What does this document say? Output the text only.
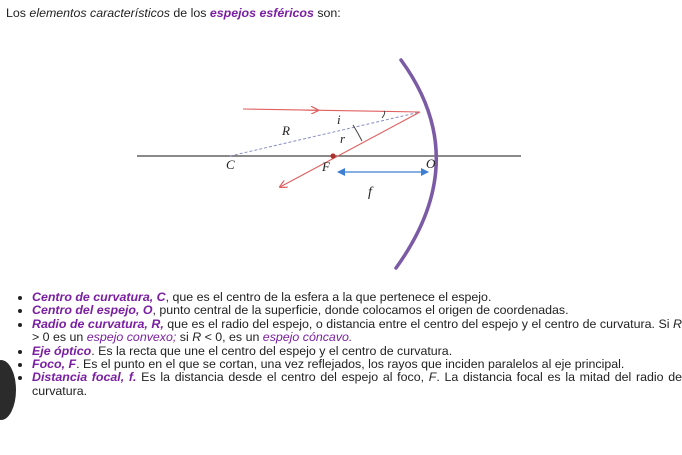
Los elementos característicos de los espejos esféricos son:

R
i
r
C	F	O
f
• Centro de curvatura, C, que es el centro de la esfera a la que pertenece el espejo.
• Centro del espejo, O, punto central de la superficie, donde colocamos el origen de coordenadas.
• Radio de curvatura, R, que es el radio del espejo, o distancia entre el centro del espejo y el centro de curvatura. Si R > 0 es un espejo convexo; si R < 0, es un espejo cóncavo.
• Eje óptico. Es la recta que une el centro del espejo y el centro de curvatura.
• Foco, F. Es el punto en el que se cortan, una vez reflejados, los rayos que inciden paralelos al eje principal.
• Distancia focal, f. Es la distancia desde el centro del espejo al foco, F. La distancia focal es la mitad del radio de curvatura.
